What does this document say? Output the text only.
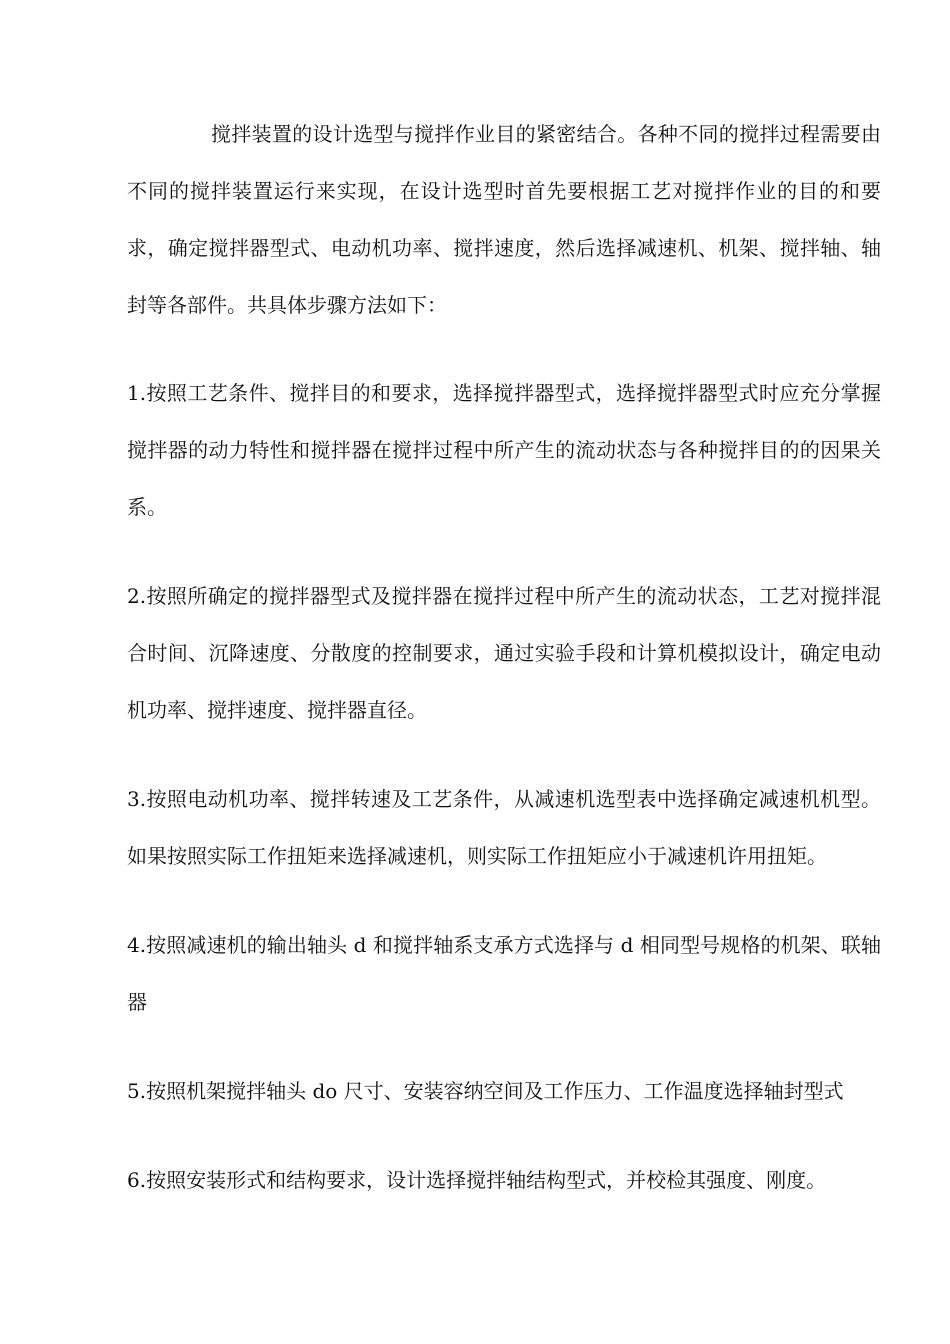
搅拌装置的设计选型与搅拌作业目的紧密结合。各种不同的搅拌过程需要由不同的搅拌装置运行来实现，在设计选型时首先要根据工艺对搅拌作业的目的和要求，确定搅拌器型式、电动机功率、搅拌速度，然后选择减速机、机架、搅拌轴、轴封等各部件。共具体步骤方法如下：

1.按照工艺条件、搅拌目的和要求，选择搅拌器型式，选择搅拌器型式时应充分掌握搅拌器的动力特性和搅拌器在搅拌过程中所产生的流动状态与各种搅拌目的的因果关系。

2.按照所确定的搅拌器型式及搅拌器在搅拌过程中所产生的流动状态，工艺对搅拌混合时间、沉降速度、分散度的控制要求，通过实验手段和计算机模拟设计，确定电动机功率、搅拌速度、搅拌器直径。

3.按照电动机功率、搅拌转速及工艺条件，从减速机选型表中选择确定减速机机型。如果按照实际工作扭矩来选择减速机，则实际工作扭矩应小于减速机许用扭矩。

4.按照减速机的输出轴头 d 和搅拌轴系支承方式选择与 d 相同型号规格的机架、联轴器

5.按照机架搅拌轴头 do 尺寸、安装容纳空间及工作压力、工作温度选择轴封型式

6.按照安装形式和结构要求，设计选择搅拌轴结构型式，并校检其强度、刚度。
